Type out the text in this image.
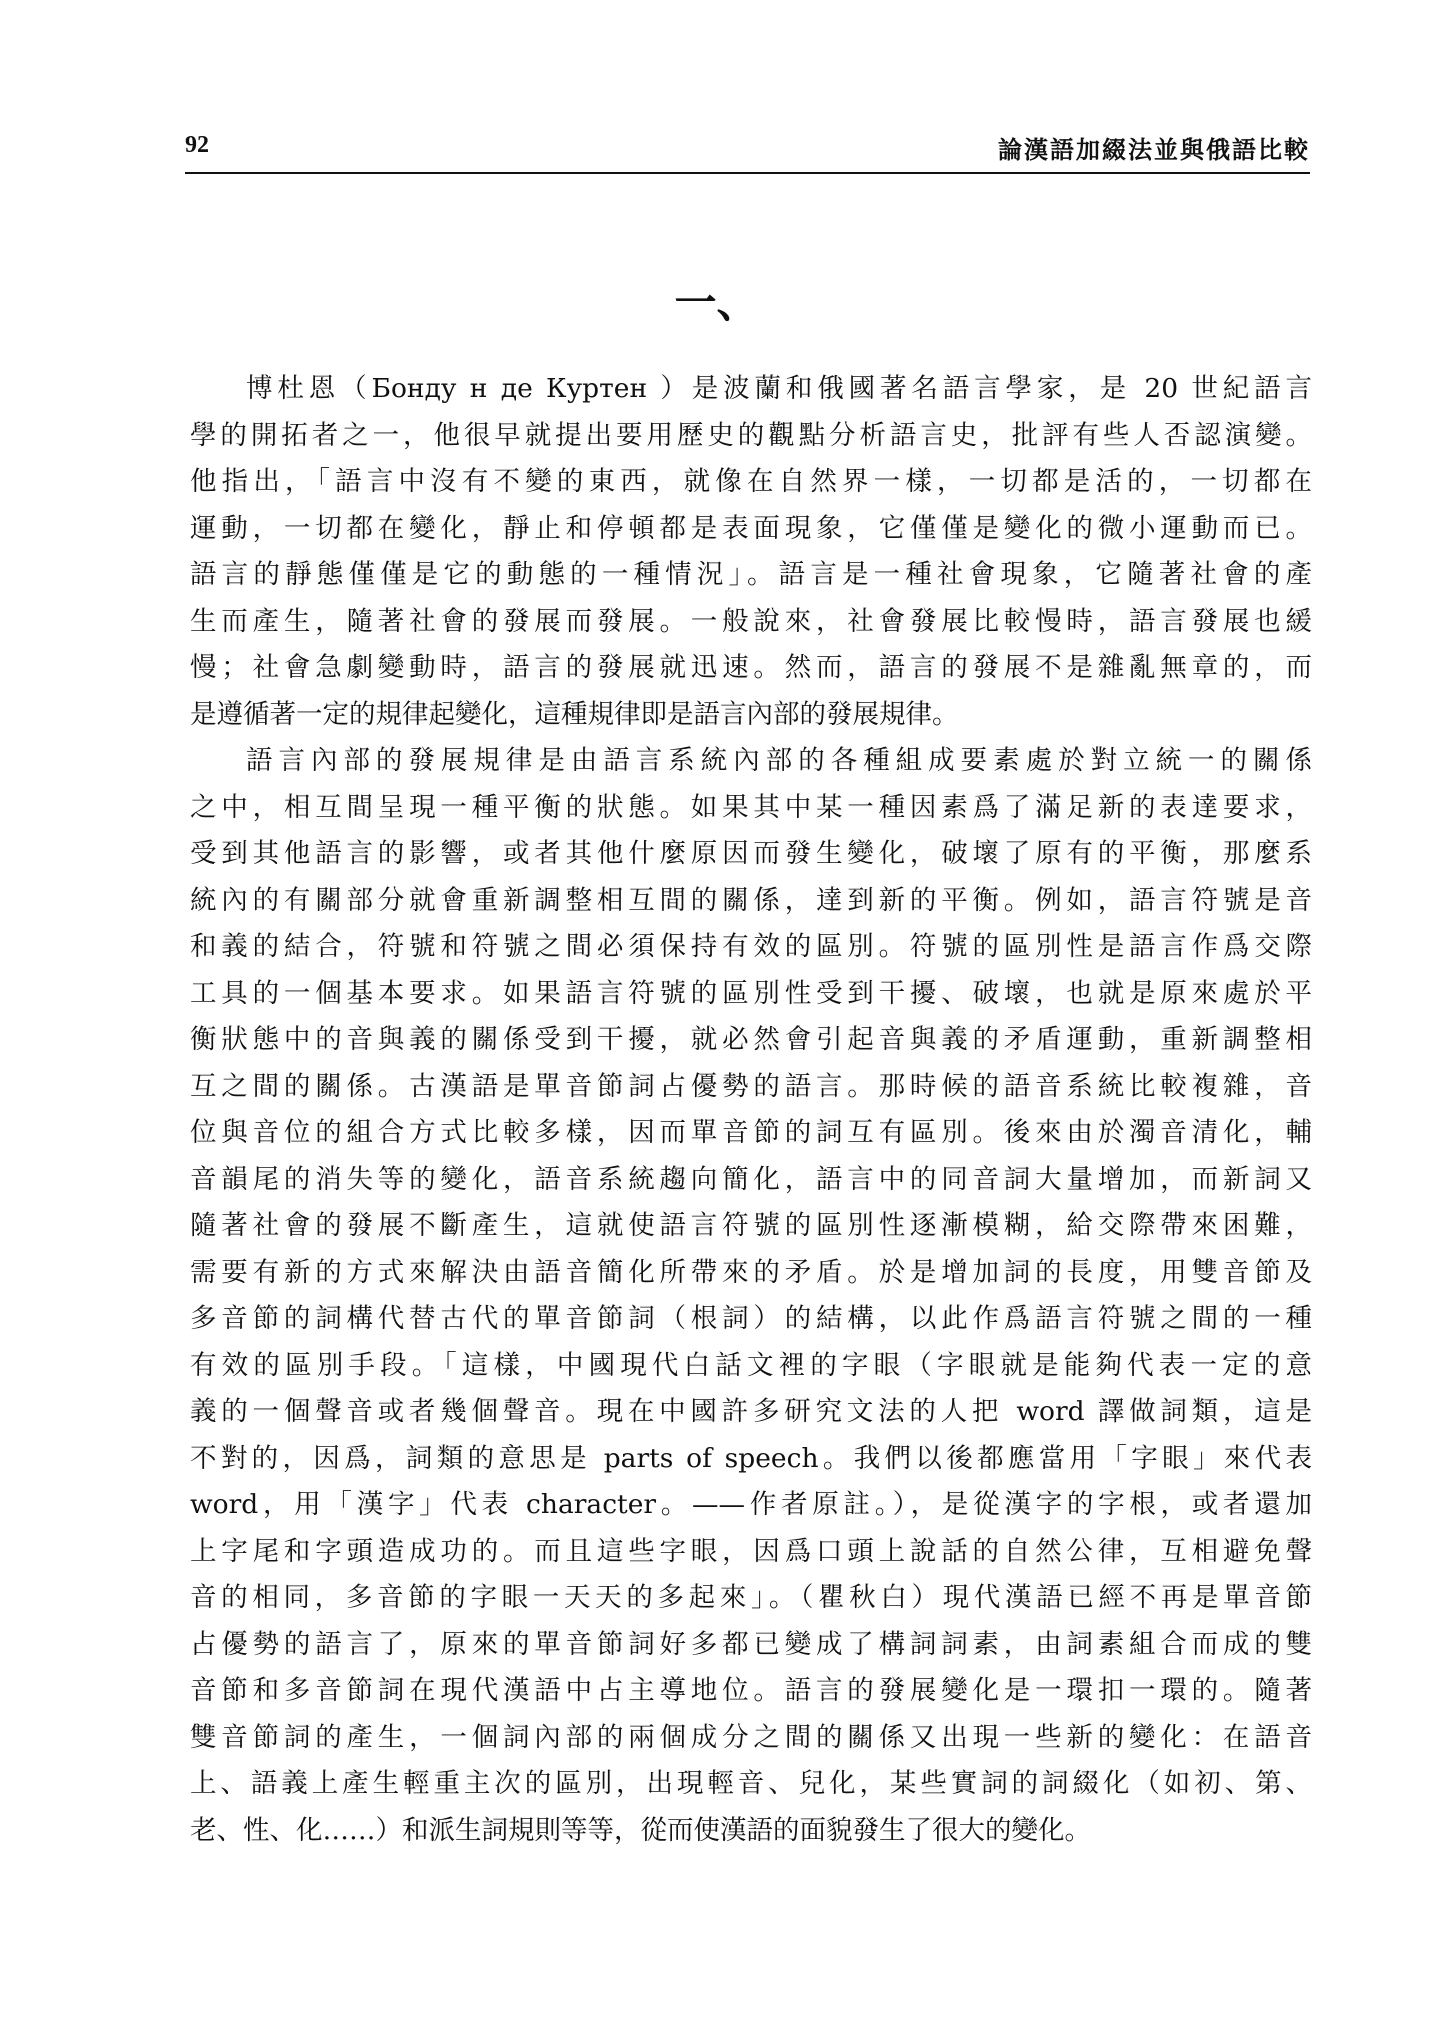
92	論漢語加綴法並與俄語比較
一、
博杜恩（Бонду н де Куртен ）是波蘭和俄國著名語言學家，是 20 世紀語言
學的開拓者之一，他很早就提出要用歷史的觀點分析語言史，批評有些人否認演變。
他指出，「語言中沒有不變的東西，就像在自然界一樣，一切都是活的，一切都在
運動，一切都在變化，靜止和停頓都是表面現象，它僅僅是變化的微小運動而已。
語言的靜態僅僅是它的動態的一種情況」。語言是一種社會現象，它隨著社會的產
生而產生，隨著社會的發展而發展。一般說來，社會發展比較慢時，語言發展也緩
慢；社會急劇變動時，語言的發展就迅速。然而，語言的發展不是雜亂無章的，而
是遵循著一定的規律起變化，這種規律即是語言內部的發展規律。
語言內部的發展規律是由語言系統內部的各種組成要素處於對立統一的關係
之中，相互間呈現一種平衡的狀態。如果其中某一種因素爲了滿足新的表達要求，
受到其他語言的影響，或者其他什麼原因而發生變化，破壞了原有的平衡，那麼系
統內的有關部分就會重新調整相互間的關係，達到新的平衡。例如，語言符號是音
和義的結合，符號和符號之間必須保持有效的區別。符號的區別性是語言作爲交際
工具的一個基本要求。如果語言符號的區別性受到干擾、破壞，也就是原來處於平
衡狀態中的音與義的關係受到干擾，就必然會引起音與義的矛盾運動，重新調整相
互之間的關係。古漢語是單音節詞占優勢的語言。那時候的語音系統比較複雜，音
位與音位的組合方式比較多樣，因而單音節的詞互有區別。後來由於濁音清化，輔
音韻尾的消失等的變化，語音系統趨向簡化，語言中的同音詞大量增加，而新詞又
隨著社會的發展不斷產生，這就使語言符號的區別性逐漸模糊，給交際帶來困難，
需要有新的方式來解決由語音簡化所帶來的矛盾。於是增加詞的長度，用雙音節及
多音節的詞構代替古代的單音節詞（根詞）的結構，以此作爲語言符號之間的一種
有效的區別手段。「這樣，中國現代白話文裡的字眼（字眼就是能夠代表一定的意
義的一個聲音或者幾個聲音。現在中國許多研究文法的人把 word 譯做詞類，這是
不對的，因爲，詞類的意思是 parts of speech。我們以後都應當用「字眼」來代表
word，用「漢字」代表 character。——作者原註。），是從漢字的字根，或者還加
上字尾和字頭造成功的。而且這些字眼，因爲口頭上說話的自然公律，互相避免聲
音的相同，多音節的字眼一天天的多起來」。（瞿秋白）現代漢語已經不再是單音節
占優勢的語言了，原來的單音節詞好多都已變成了構詞詞素，由詞素組合而成的雙
音節和多音節詞在現代漢語中占主導地位。語言的發展變化是一環扣一環的。隨著
雙音節詞的產生，一個詞內部的兩個成分之間的關係又出現一些新的變化：在語音
上、語義上產生輕重主次的區別，出現輕音、兒化，某些實詞的詞綴化（如初、第、
老、性、化……）和派生詞規則等等，從而使漢語的面貌發生了很大的變化。
